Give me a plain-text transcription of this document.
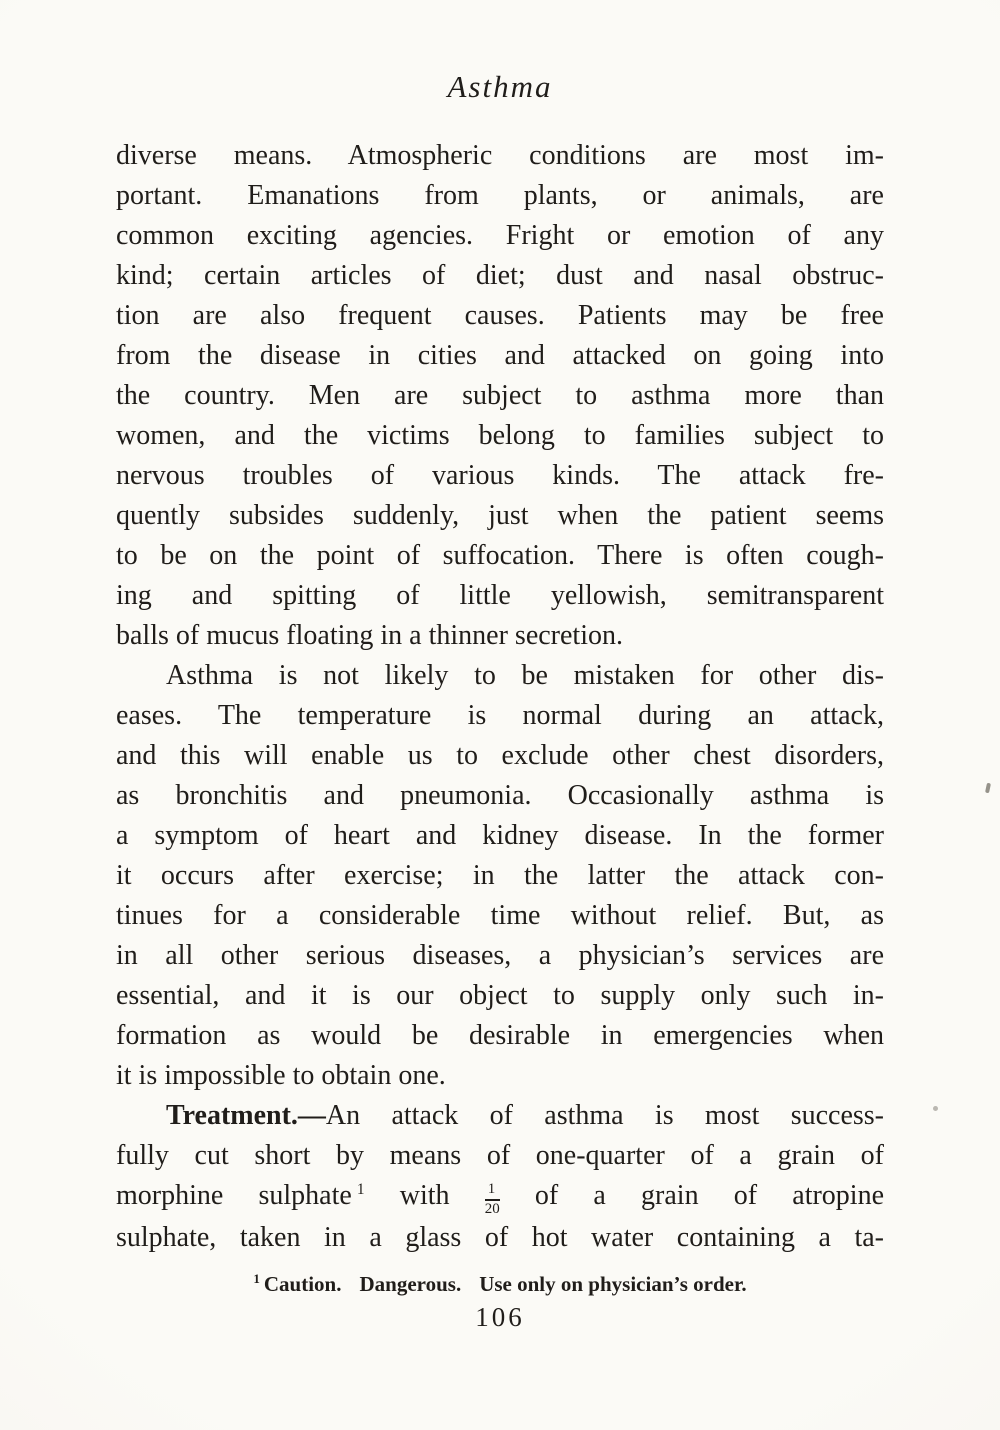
Asthma
diverse means. Atmospheric conditions are most im-
portant. Emanations from plants, or animals, are
common exciting agencies. Fright or emotion of any
kind; certain articles of diet; dust and nasal obstruc-
tion are also frequent causes. Patients may be free
from the disease in cities and attacked on going into
the country. Men are subject to asthma more than
women, and the victims belong to families subject to
nervous troubles of various kinds. The attack fre-
quently subsides suddenly, just when the patient seems
to be on the point of suffocation. There is often cough-
ing and spitting of little yellowish, semitransparent
balls of mucus floating in a thinner secretion.
Asthma is not likely to be mistaken for other dis-
eases. The temperature is normal during an attack,
and this will enable us to exclude other chest disorders,
as bronchitis and pneumonia. Occasionally asthma is
a symptom of heart and kidney disease. In the former
it occurs after exercise; in the latter the attack con-
tinues for a considerable time without relief. But, as
in all other serious diseases, a physician’s services are
essential, and it is our object to supply only such in-
formation as would be desirable in emergencies when
it is impossible to obtain one.
Treatment.—An attack of asthma is most success-
fully cut short by means of one-quarter of a grain of
morphine sulphate $^1$ with $\frac{1}{20}$ of a grain of atropine
sulphate, taken in a glass of hot water containing a ta-
$^1$ Caution. Dangerous. Use only on physician’s order.
106
